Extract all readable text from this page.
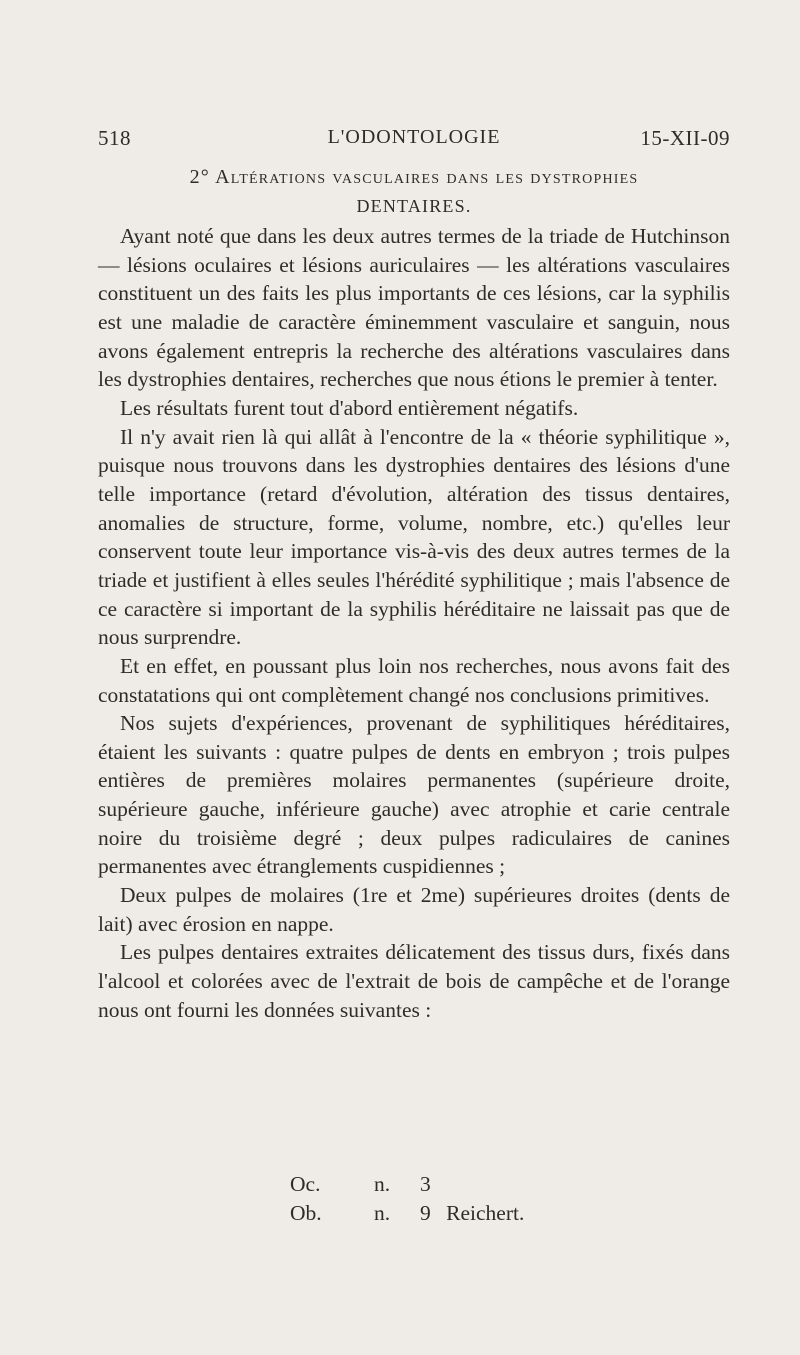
518	L'ODONTOLOGIE	15-XII-09
2° Altérations vasculaires dans les dystrophies
DENTAIRES.

Ayant noté que dans les deux autres termes de la triade de Hutchinson — lésions oculaires et lésions auriculaires — les altérations vasculaires constituent un des faits les plus importants de ces lésions, car la syphilis est une maladie de caractère éminemment vasculaire et sanguin, nous avons également entrepris la recherche des altérations vasculaires dans les dystrophies dentaires, recherches que nous étions le premier à tenter.

Les résultats furent tout d'abord entièrement négatifs.

Il n'y avait rien là qui allât à l'encontre de la « théorie syphilitique », puisque nous trouvons dans les dystrophies dentaires des lésions d'une telle importance (retard d'évolution, altération des tissus dentaires, anomalies de structure, forme, volume, nombre, etc.) qu'elles leur conservent toute leur importance vis-à-vis des deux autres termes de la triade et justifient à elles seules l'hérédité syphilitique ; mais l'absence de ce caractère si important de la syphilis héréditaire ne laissait pas que de nous surprendre.

Et en effet, en poussant plus loin nos recherches, nous avons fait des constatations qui ont complètement changé nos conclusions primitives.

Nos sujets d'expériences, provenant de syphilitiques héréditaires, étaient les suivants : quatre pulpes de dents en embryon ; trois pulpes entières de premières molaires permanentes (supérieure droite, supérieure gauche, inférieure gauche) avec atrophie et carie centrale noire du troisième degré ; deux pulpes radiculaires de canines permanentes avec étranglements cuspidiennes ;

Deux pulpes de molaires (1re et 2me) supérieures droites (dents de lait) avec érosion en nappe.

Les pulpes dentaires extraites délicatement des tissus durs, fixés dans l'alcool et colorées avec de l'extrait de bois de campêche et de l'orange nous ont fourni les données suivantes :

Oc. n. 3
Ob. n. 9 Reichert.
